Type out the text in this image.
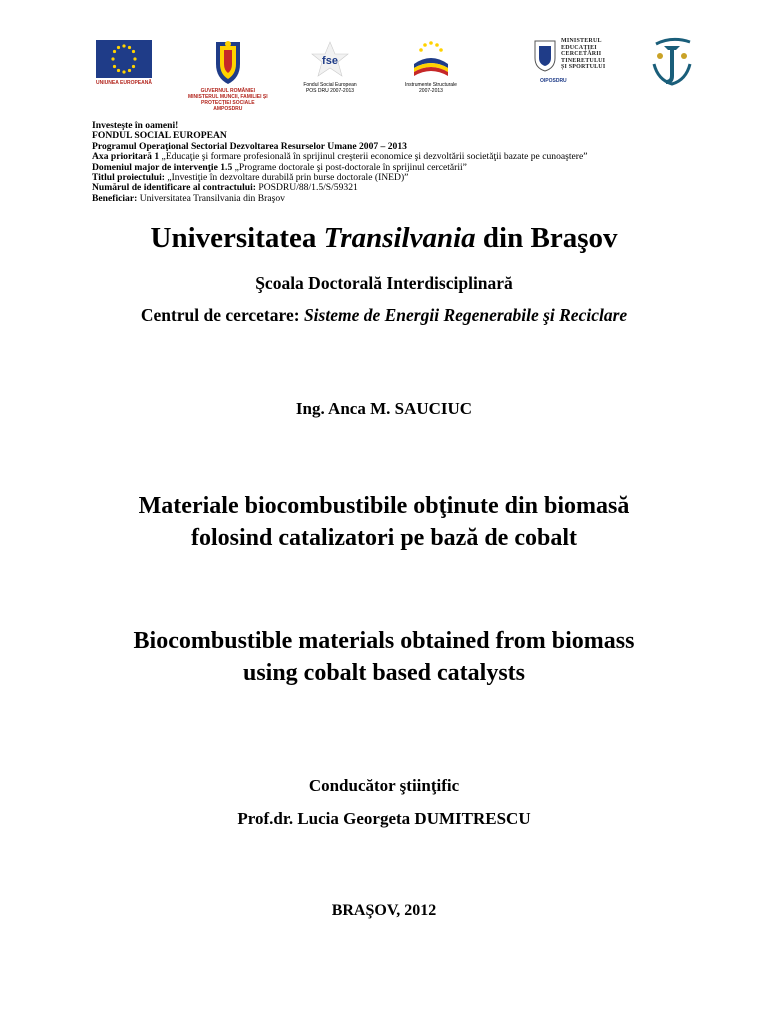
UNIUNEA EUROPEANĂ
GUVERNUL ROMÂNIEI
MINISTERUL MUNCII, FAMILIEI ȘI
PROTECȚIEI SOCIALE
AMPOSDRU
fse
Fondul Social European
POS DRU 2007-2013
Instrumente Structurale
2007-2013
MINISTERUL
EDUCAȚIEI
CERCETĂRII
TINERETULUI
ȘI SPORTULUI
OIPOSDRU
Investeşte în oameni!
FONDUL SOCIAL EUROPEAN
Programul Operaţional Sectorial Dezvoltarea Resurselor Umane 2007 – 2013
Axa prioritară 1 „Educaţie şi formare profesională în sprijinul creşterii economice şi dezvoltării societăţii bazate pe cunoaştere”
Domeniul major de intervenţie 1.5 „Programe doctorale şi post-doctorale în sprijinul cercetării”
Titlul proiectului: „Investiţie în dezvoltare durabilă prin burse doctorale (INED)”
Numărul de identificare al contractului: POSDRU/88/1.5/S/59321
Beneficiar: Universitatea Transilvania din Braşov
Universitatea Transilvania din Braşov
Şcoala Doctorală Interdisciplinară
Centrul de cercetare: Sisteme de Energii Regenerabile şi Reciclare
Ing. Anca M. SAUCIUC
Materiale biocombustibile obţinute din biomasă
folosind catalizatori pe bază de cobalt
Biocombustible materials obtained from biomass
using cobalt based catalysts
Conducător ştiinţific
Prof.dr. Lucia Georgeta DUMITRESCU
BRAŞOV, 2012
